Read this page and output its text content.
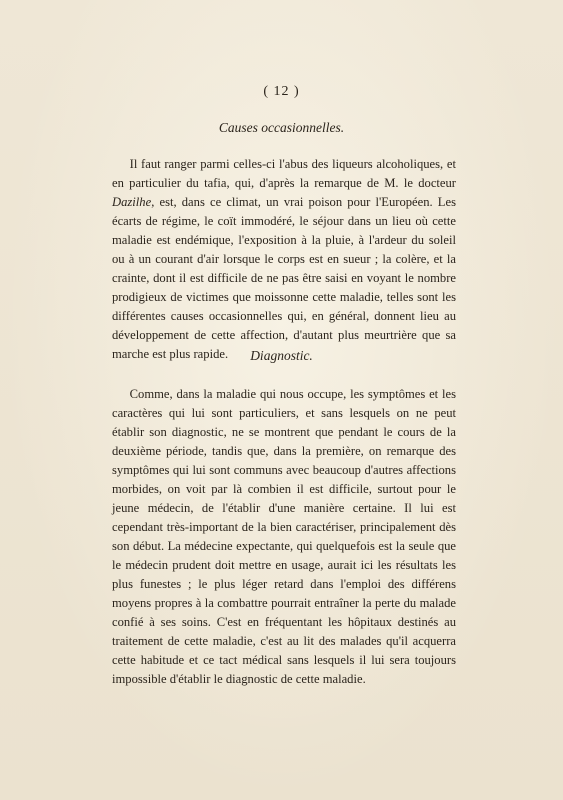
( 12 )
Causes occasionnelles.

Il faut ranger parmi celles-ci l'abus des liqueurs alcoholiques, et en particulier du tafia, qui, d'après la remarque de M. le docteur Dazilhe, est, dans ce climat, un vrai poison pour l'Européen. Les écarts de régime, le coït immodéré, le séjour dans un lieu où cette maladie est endémique, l'exposition à la pluie, à l'ardeur du soleil ou à un courant d'air lorsque le corps est en sueur ; la colère, et la crainte, dont il est difficile de ne pas être saisi en voyant le nombre prodigieux de victimes que moissonne cette maladie, telles sont les différentes causes occasionnelles qui, en général, donnent lieu au développement de cette affection, d'autant plus meurtrière que sa marche est plus rapide.	Diagnostic.

Comme, dans la maladie qui nous occupe, les symptômes et les caractères qui lui sont particuliers, et sans lesquels on ne peut établir son diagnostic, ne se montrent que pendant le cours de la deuxième période, tandis que, dans la première, on remarque des symptômes qui lui sont communs avec beaucoup d'autres affections morbides, on voit par là combien il est difficile, surtout pour le jeune médecin, de l'établir d'une manière certaine. Il lui est cependant très-important de la bien caractériser, principalement dès son début. La médecine expectante, qui quelquefois est la seule que le médecin prudent doit mettre en usage, aurait ici les résultats les plus funestes ; le plus léger retard dans l'emploi des différens moyens propres à la combattre pourrait entraîner la perte du malade confié à ses soins. C'est en fréquentant les hôpitaux destinés au traitement de cette maladie, c'est au lit des malades qu'il acquerra cette habitude et ce tact médical sans lesquels il lui sera toujours impossible d'établir le diagnostic de cette maladie.
